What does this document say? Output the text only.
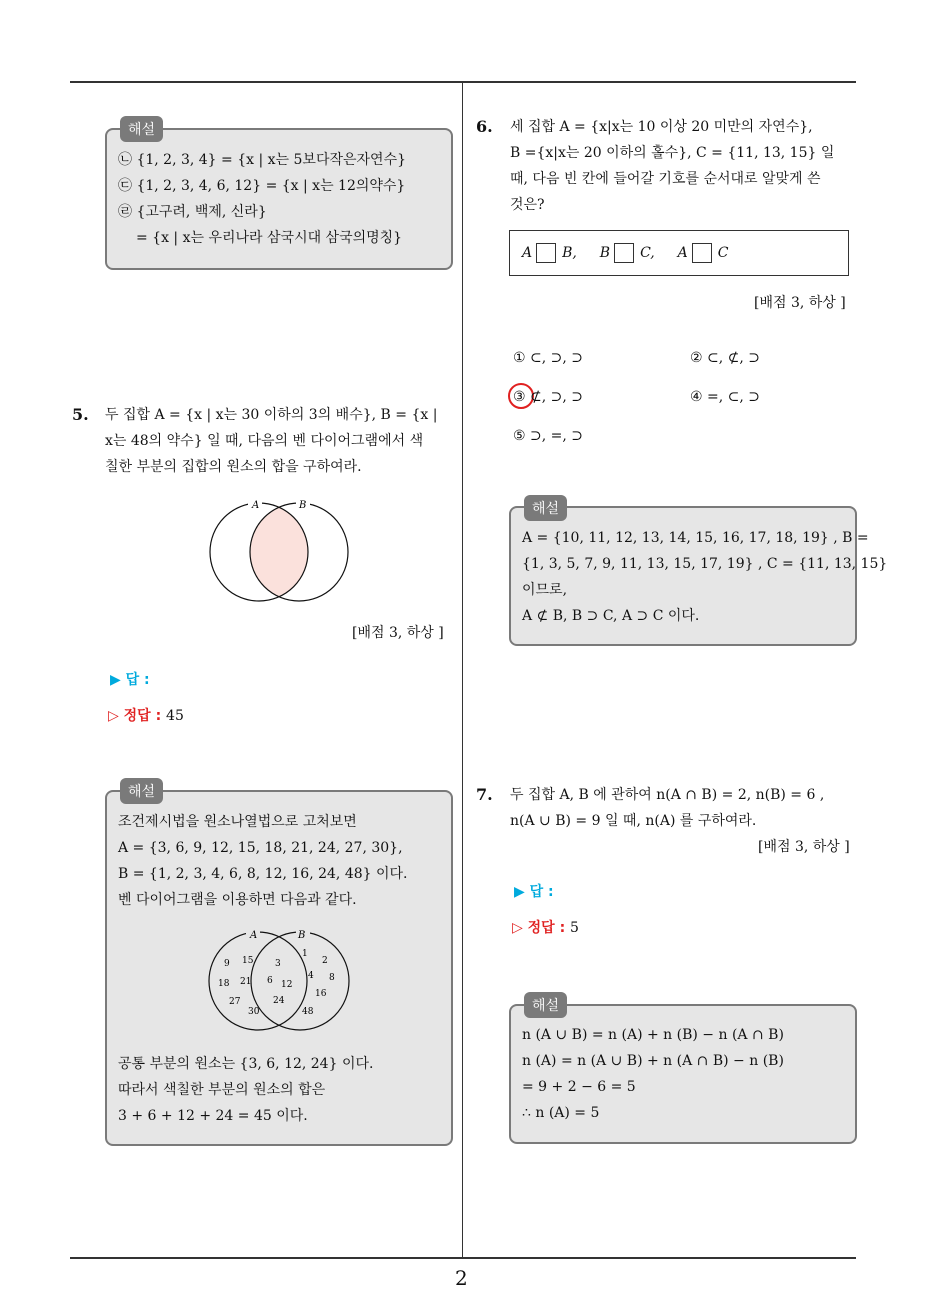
2
해설
㉡ {1, 2, 3, 4} = {x | x는 5보다작은자연수}
㉢ {1, 2, 3, 4, 6, 12} = {x | x는 12의약수}
㉣ {고구려, 백제, 신라}
= {x | x는 우리나라 삼국시대 삼국의명칭}
5. 두 집합 A = {x | x는 30 이하의 3의 배수}, B = {x |
x는 48의 약수} 일 때, 다음의 벤 다이어그램에서 색
칠한 부분의 집합의 원소의 합을 구하여라.
A	B
[배점 3, 하상 ]
▶ 답 :
▷ 정답 : 45
해설
조건제시법을 원소나열법으로 고처보면
A = {3, 6, 9, 12, 15, 18, 21, 24, 27, 30},
B = {1, 2, 3, 4, 6, 8, 12, 16, 24, 48} 이다.
벤 다이어그램을 이용하면 다음과 같다.
A	B
9 15
18 21
27
30
3
6 12
24
1
2
4 8
16
48
공통 부분의 원소는 {3, 6, 12, 24} 이다.
따라서 색칠한 부분의 원소의 합은
3 + 6 + 12 + 24 = 45 이다.
6. 세 집합 A = {x|x는 10 이상 20 미만의 자연수},
B ={x|x는 20 이하의 홀수}, C = {11, 13, 15} 일
때, 다음 빈 칸에 들어갈 기호를 순서대로 알맞게 쓴
것은?
A B, B C, A C
[배점 3, 하상 ]
① ⊂, ⊃, ⊃	② ⊂, ⊄, ⊃
③ ⊄, ⊃, ⊃	④ =, ⊂, ⊃
⑤ ⊃, =, ⊃
해설
A = {10, 11, 12, 13, 14, 15, 16, 17, 18, 19} , B =
{1, 3, 5, 7, 9, 11, 13, 15, 17, 19} , C = {11, 13, 15}
이므로,
A ⊄ B, B ⊃ C, A ⊃ C 이다.
7. 두 집합 A, B 에 관하여 n(A ∩ B) = 2, n(B) = 6 ,
n(A ∪ B) = 9 일 때, n(A) 를 구하여라.
[배점 3, 하상 ]
▶ 답 :
▷ 정답 : 5
해설
n (A ∪ B) = n (A) + n (B) − n (A ∩ B)
n (A) = n (A ∪ B) + n (A ∩ B) − n (B)
= 9 + 2 − 6 = 5
∴ n (A) = 5
